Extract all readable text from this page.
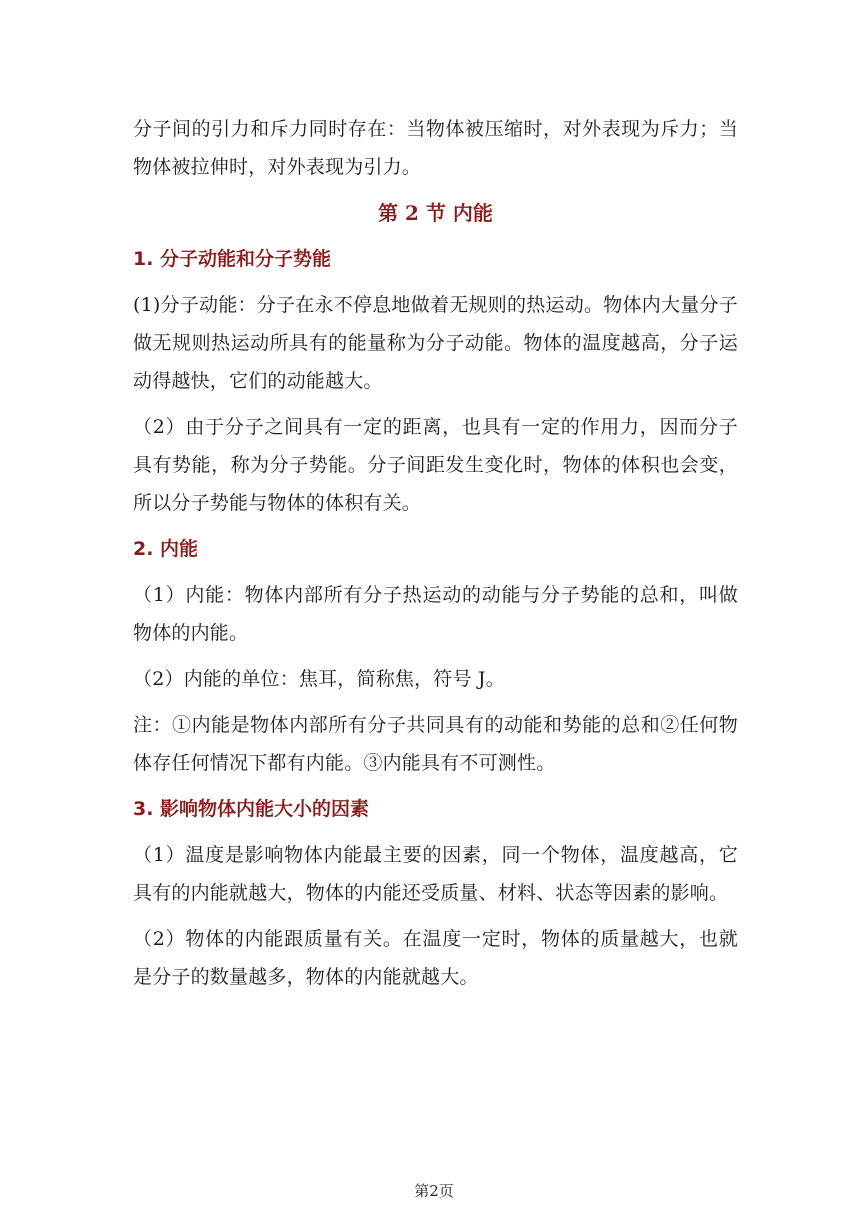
分子间的引力和斥力同时存在：当物体被压缩时，对外表现为斥力；当物体被拉伸时，对外表现为引力。

第 2 节 内能
1. 分子动能和分子势能

(1)分子动能：分子在永不停息地做着无规则的热运动。物体内大量分子做无规则热运动所具有的能量称为分子动能。物体的温度越高，分子运动得越快，它们的动能越大。

（2）由于分子之间具有一定的距离，也具有一定的作用力，因而分子具有势能，称为分子势能。分子间距发生变化时，物体的体积也会变，所以分子势能与物体的体积有关。

2. 内能

（1）内能：物体内部所有分子热运动的动能与分子势能的总和，叫做物体的内能。

（2）内能的单位：焦耳，简称焦，符号 J。

注：①内能是物体内部所有分子共同具有的动能和势能的总和②任何物体存任何情况下都有内能。③内能具有不可测性。

3. 影响物体内能大小的因素

（1）温度是影响物体内能最主要的因素，同一个物体，温度越高，它具有的内能就越大，物体的内能还受质量、材料、状态等因素的影响。

（2）物体的内能跟质量有关。在温度一定时，物体的质量越大，也就是分子的数量越多，物体的内能就越大。

第2页
